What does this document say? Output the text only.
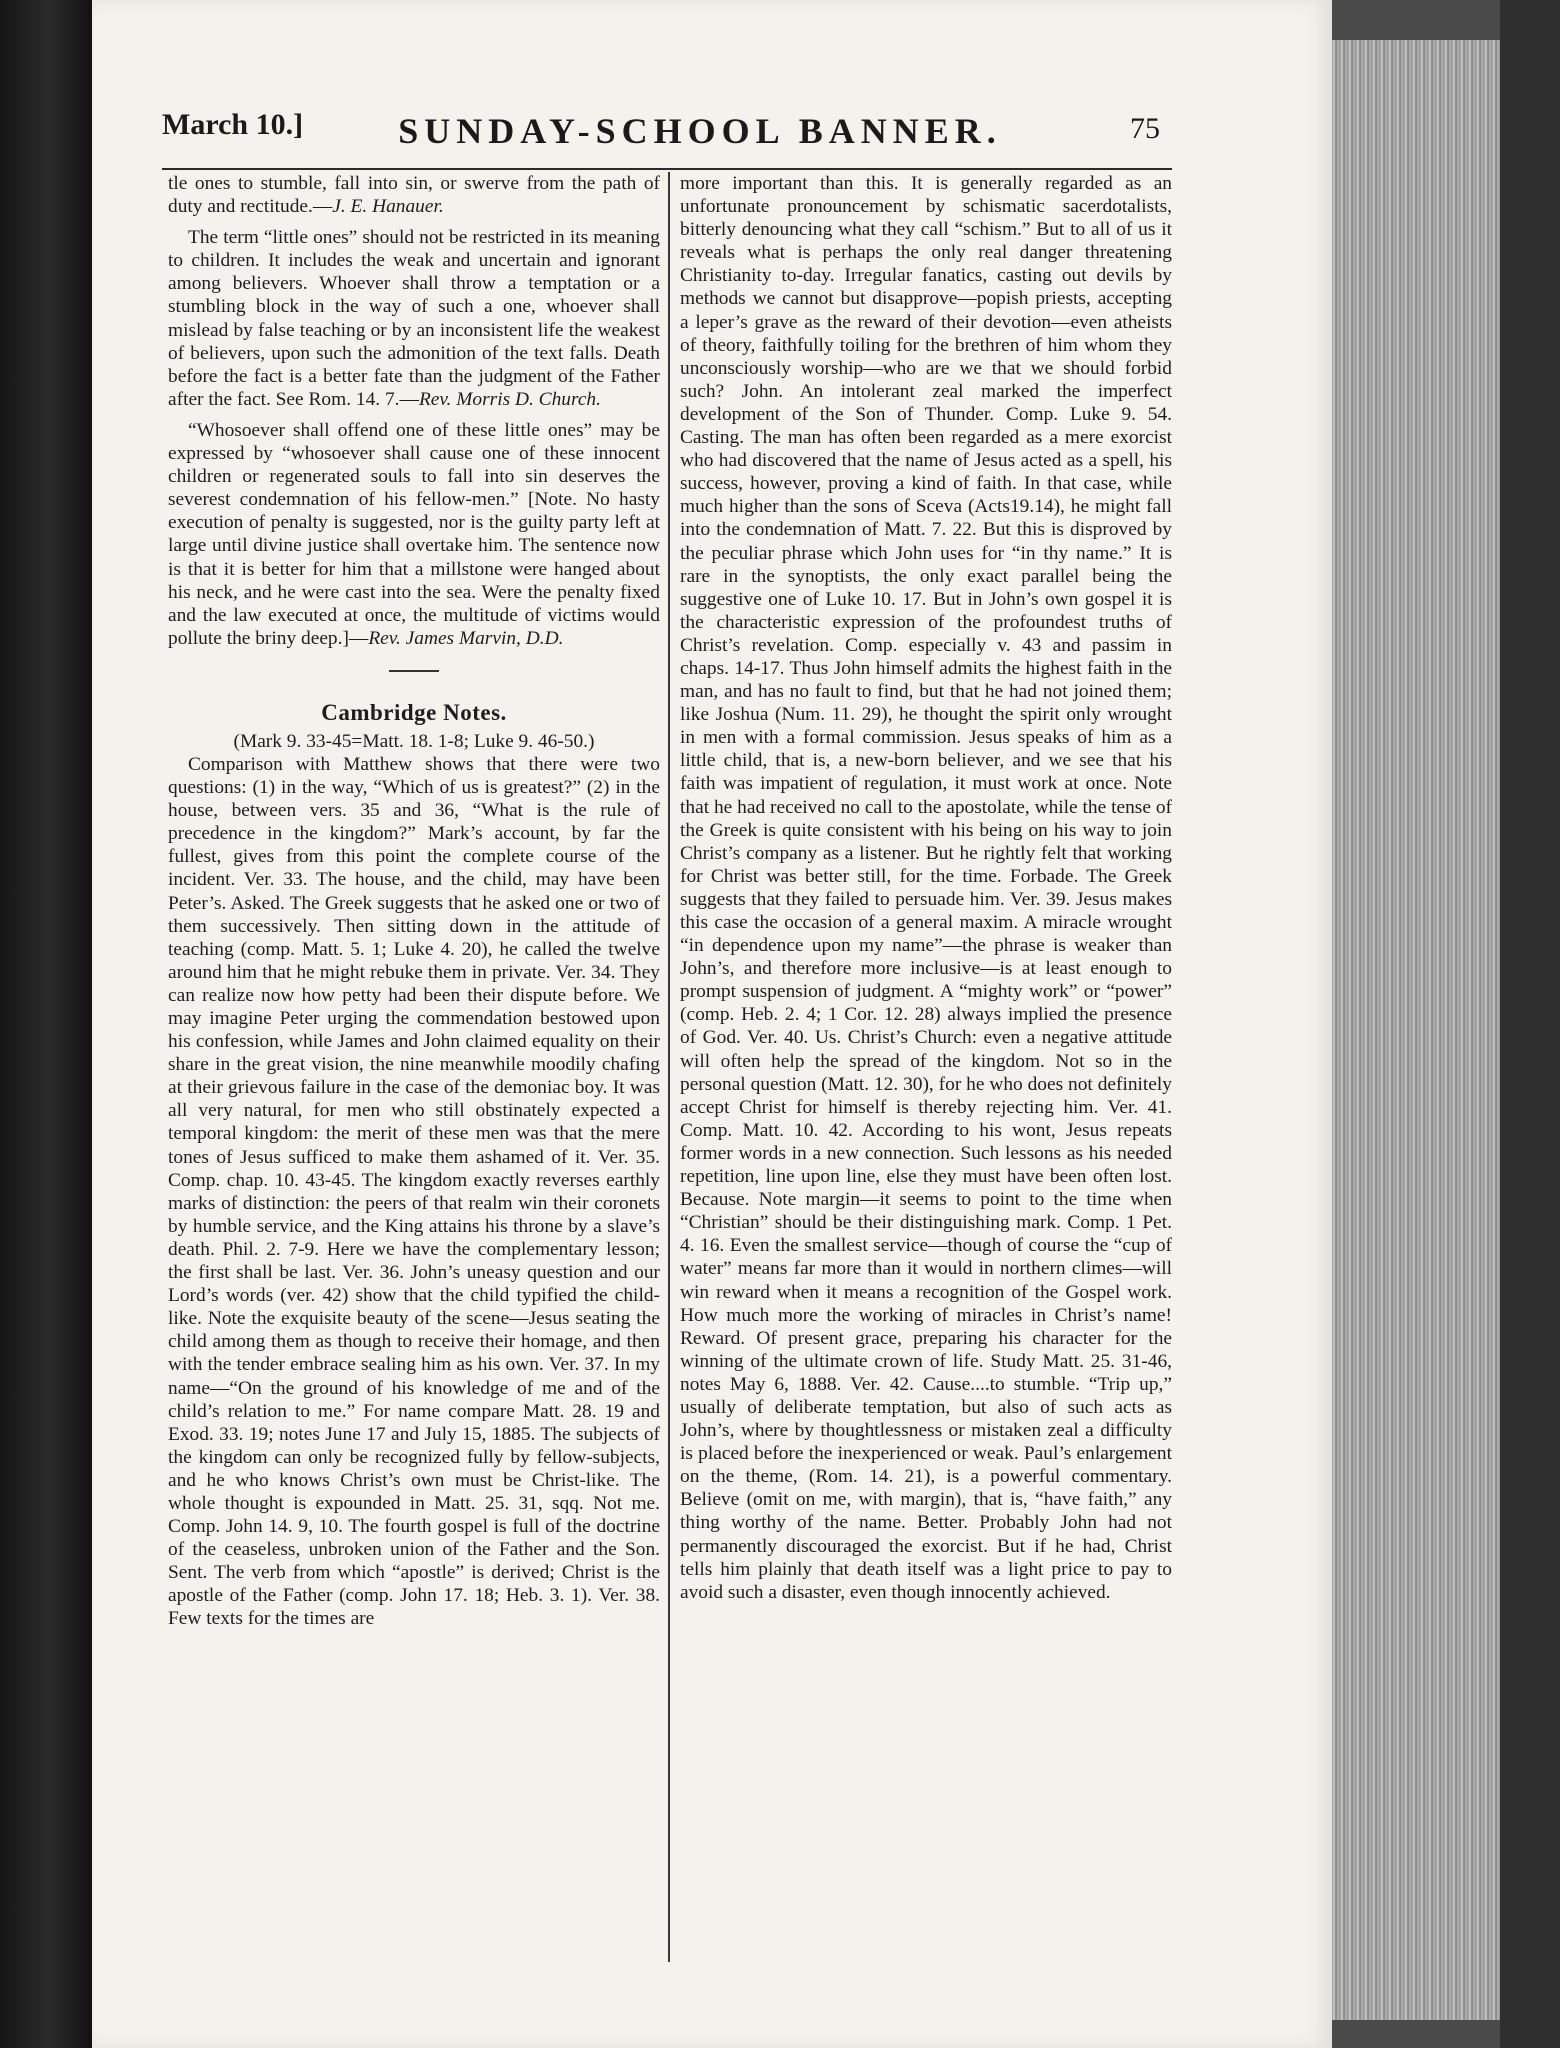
March 10.]	SUNDAY-SCHOOL BANNER.	75

tle ones to stumble, fall into sin, or swerve from the path of duty and rectitude.—J. E. Hanauer.

The term “little ones” should not be restricted in its meaning to children. It includes the weak and uncertain and ignorant among believers. Whoever shall throw a temptation or a stumbling block in the way of such a one, whoever shall mislead by false teaching or by an inconsistent life the weakest of believers, upon such the admonition of the text falls. Death before the fact is a better fate than the judgment of the Father after the fact. See Rom. 14. 7.—Rev. Morris D. Church.

“Whosoever shall offend one of these little ones” may be expressed by “whosoever shall cause one of these innocent children or regenerated souls to fall into sin deserves the severest condemnation of his fellow-men.” [Note. No hasty execution of penalty is suggested, nor is the guilty party left at large until divine justice shall overtake him. The sentence now is that it is better for him that a millstone were hanged about his neck, and he were cast into the sea. Were the penalty fixed and the law executed at once, the multitude of victims would pollute the briny deep.]—Rev. James Marvin, D.D.

Cambridge Notes.

(Mark 9. 33-45=Matt. 18. 1-8; Luke 9. 46-50.)

Comparison with Matthew shows that there were two questions: (1) in the way, “Which of us is greatest?” (2) in the house, between vers. 35 and 36, “What is the rule of precedence in the kingdom?” Mark’s account, by far the fullest, gives from this point the complete course of the incident. Ver. 33. The house, and the child, may have been Peter’s. Asked. The Greek suggests that he asked one or two of them successively. Then sitting down in the attitude of teaching (comp. Matt. 5. 1; Luke 4. 20), he called the twelve around him that he might rebuke them in private. Ver. 34. They can realize now how petty had been their dispute before. We may imagine Peter urging the commendation bestowed upon his confession, while James and John claimed equality on their share in the great vision, the nine meanwhile moodily chafing at their grievous failure in the case of the demoniac boy. It was all very natural, for men who still obstinately expected a temporal kingdom: the merit of these men was that the mere tones of Jesus sufficed to make them ashamed of it. Ver. 35. Comp. chap. 10. 43-45. The kingdom exactly reverses earthly marks of distinction: the peers of that realm win their coronets by humble service, and the King attains his throne by a slave’s death. Phil. 2. 7-9. Here we have the complementary lesson; the first shall be last. Ver. 36. John’s uneasy question and our Lord’s words (ver. 42) show that the child typified the child-like. Note the exquisite beauty of the scene—Jesus seating the child among them as though to receive their homage, and then with the tender embrace sealing him as his own. Ver. 37. In my name—“On the ground of his knowledge of me and of the child’s relation to me.” For name compare Matt. 28. 19 and Exod. 33. 19; notes June 17 and July 15, 1885. The subjects of the kingdom can only be recognized fully by fellow-subjects, and he who knows Christ’s own must be Christ-like. The whole thought is expounded in Matt. 25. 31, sqq. Not me. Comp. John 14. 9, 10. The fourth gospel is full of the doctrine of the ceaseless, unbroken union of the Father and the Son. Sent. The verb from which “apostle” is derived; Christ is the apostle of the Father (comp. John 17. 18; Heb. 3. 1). Ver. 38. Few texts for the times are

more important than this. It is generally regarded as an unfortunate pronouncement by schismatic sacerdotalists, bitterly denouncing what they call “schism.” But to all of us it reveals what is perhaps the only real danger threatening Christianity to-day. Irregular fanatics, casting out devils by methods we cannot but disapprove—popish priests, accepting a leper’s grave as the reward of their devotion—even atheists of theory, faithfully toiling for the brethren of him whom they unconsciously worship—who are we that we should forbid such? John. An intolerant zeal marked the imperfect development of the Son of Thunder. Comp. Luke 9. 54. Casting. The man has often been regarded as a mere exorcist who had discovered that the name of Jesus acted as a spell, his success, however, proving a kind of faith. In that case, while much higher than the sons of Sceva (Acts19.14), he might fall into the condemnation of Matt. 7. 22. But this is disproved by the peculiar phrase which John uses for “in thy name.” It is rare in the synoptists, the only exact parallel being the suggestive one of Luke 10. 17. But in John’s own gospel it is the characteristic expression of the profoundest truths of Christ’s revelation. Comp. especially v. 43 and passim in chaps. 14-17. Thus John himself admits the highest faith in the man, and has no fault to find, but that he had not joined them; like Joshua (Num. 11. 29), he thought the spirit only wrought in men with a formal commission. Jesus speaks of him as a little child, that is, a new-born believer, and we see that his faith was impatient of regulation, it must work at once. Note that he had received no call to the apostolate, while the tense of the Greek is quite consistent with his being on his way to join Christ’s company as a listener. But he rightly felt that working for Christ was better still, for the time. Forbade. The Greek suggests that they failed to persuade him. Ver. 39. Jesus makes this case the occasion of a general maxim. A miracle wrought “in dependence upon my name”—the phrase is weaker than John’s, and therefore more inclusive—is at least enough to prompt suspension of judgment. A “mighty work” or “power” (comp. Heb. 2. 4; 1 Cor. 12. 28) always implied the presence of God. Ver. 40. Us. Christ’s Church: even a negative attitude will often help the spread of the kingdom. Not so in the personal question (Matt. 12. 30), for he who does not definitely accept Christ for himself is thereby rejecting him. Ver. 41. Comp. Matt. 10. 42. According to his wont, Jesus repeats former words in a new connection. Such lessons as his needed repetition, line upon line, else they must have been often lost. Because. Note margin—it seems to point to the time when “Christian” should be their distinguishing mark. Comp. 1 Pet. 4. 16. Even the smallest service—though of course the “cup of water” means far more than it would in northern climes—will win reward when it means a recognition of the Gospel work. How much more the working of miracles in Christ’s name! Reward. Of present grace, preparing his character for the winning of the ultimate crown of life. Study Matt. 25. 31-46, notes May 6, 1888. Ver. 42. Cause....to stumble. “Trip up,” usually of deliberate temptation, but also of such acts as John’s, where by thoughtlessness or mistaken zeal a difficulty is placed before the inexperienced or weak. Paul’s enlargement on the theme, (Rom. 14. 21), is a powerful commentary. Believe (omit on me, with margin), that is, “have faith,” any thing worthy of the name. Better. Probably John had not permanently discouraged the exorcist. But if he had, Christ tells him plainly that death itself was a light price to pay to avoid such a disaster, even though innocently achieved.
